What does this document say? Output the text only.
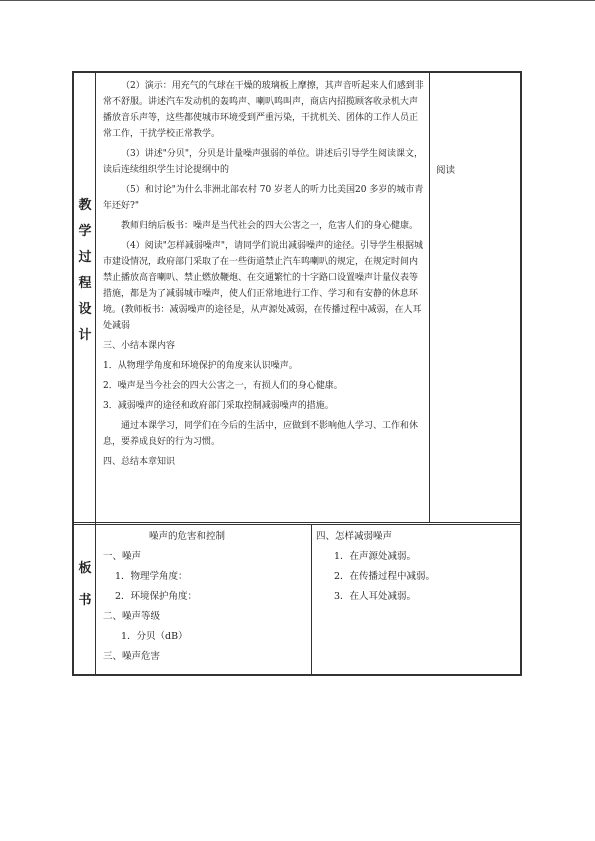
教
学
过
程
设
计

（2）演示：用充气的气球在干燥的玻璃板上摩擦，其声音听起来人们感到非常不舒服。讲述汽车发动机的轰鸣声、喇叭鸣叫声，商店内招揽顾客收录机大声播放音乐声等，这些都使城市环境受到严重污染，干扰机关、团体的工作人员正常工作，干扰学校正常教学。

（3）讲述"分贝"，分贝是计量噪声强弱的单位。讲述后引导学生阅读课文，读后连续组织学生讨论提纲中的

（5）和讨论"为什么非洲北部农村 70 岁老人的听力比美国20 多岁的城市青年还好?"

教师归纳后板书：噪声是当代社会的四大公害之一，危害人们的身心健康。

（4）阅读"怎样减弱噪声"，请同学们说出减弱噪声的途径。引导学生根据城市建设情况，政府部门采取了在一些街道禁止汽车鸣喇叭的规定，在规定时间内禁止播放高音喇叭、禁止燃放鞭炮、在交通繁忙的十字路口设置噪声计量仪表等措施，都是为了减弱城市噪声，使人们正常地进行工作、学习和有安静的休息环境。(教师板书：减弱噪声的途径是，从声源处减弱，在传播过程中减弱，在人耳处减弱

三、小结本课内容

1．从物理学角度和环境保护的角度来认识噪声。

2．噪声是当今社会的四大公害之一，有损人们的身心健康。

3．减弱噪声的途径和政府部门采取控制减弱噪声的措施。

通过本课学习，同学们在今后的生活中，应做到不影响他人学习、工作和休息，要养成良好的行为习惯。

四、总结本章知识

阅读
板
书
噪声的危害和控制
一、噪声
1．物理学角度：
2．环境保护角度：
二、噪声等级
1．分贝（dB）
三、噪声危害
四、怎样减弱噪声
1．在声源处减弱。
2．在传播过程中减弱。
3．在人耳处减弱。
